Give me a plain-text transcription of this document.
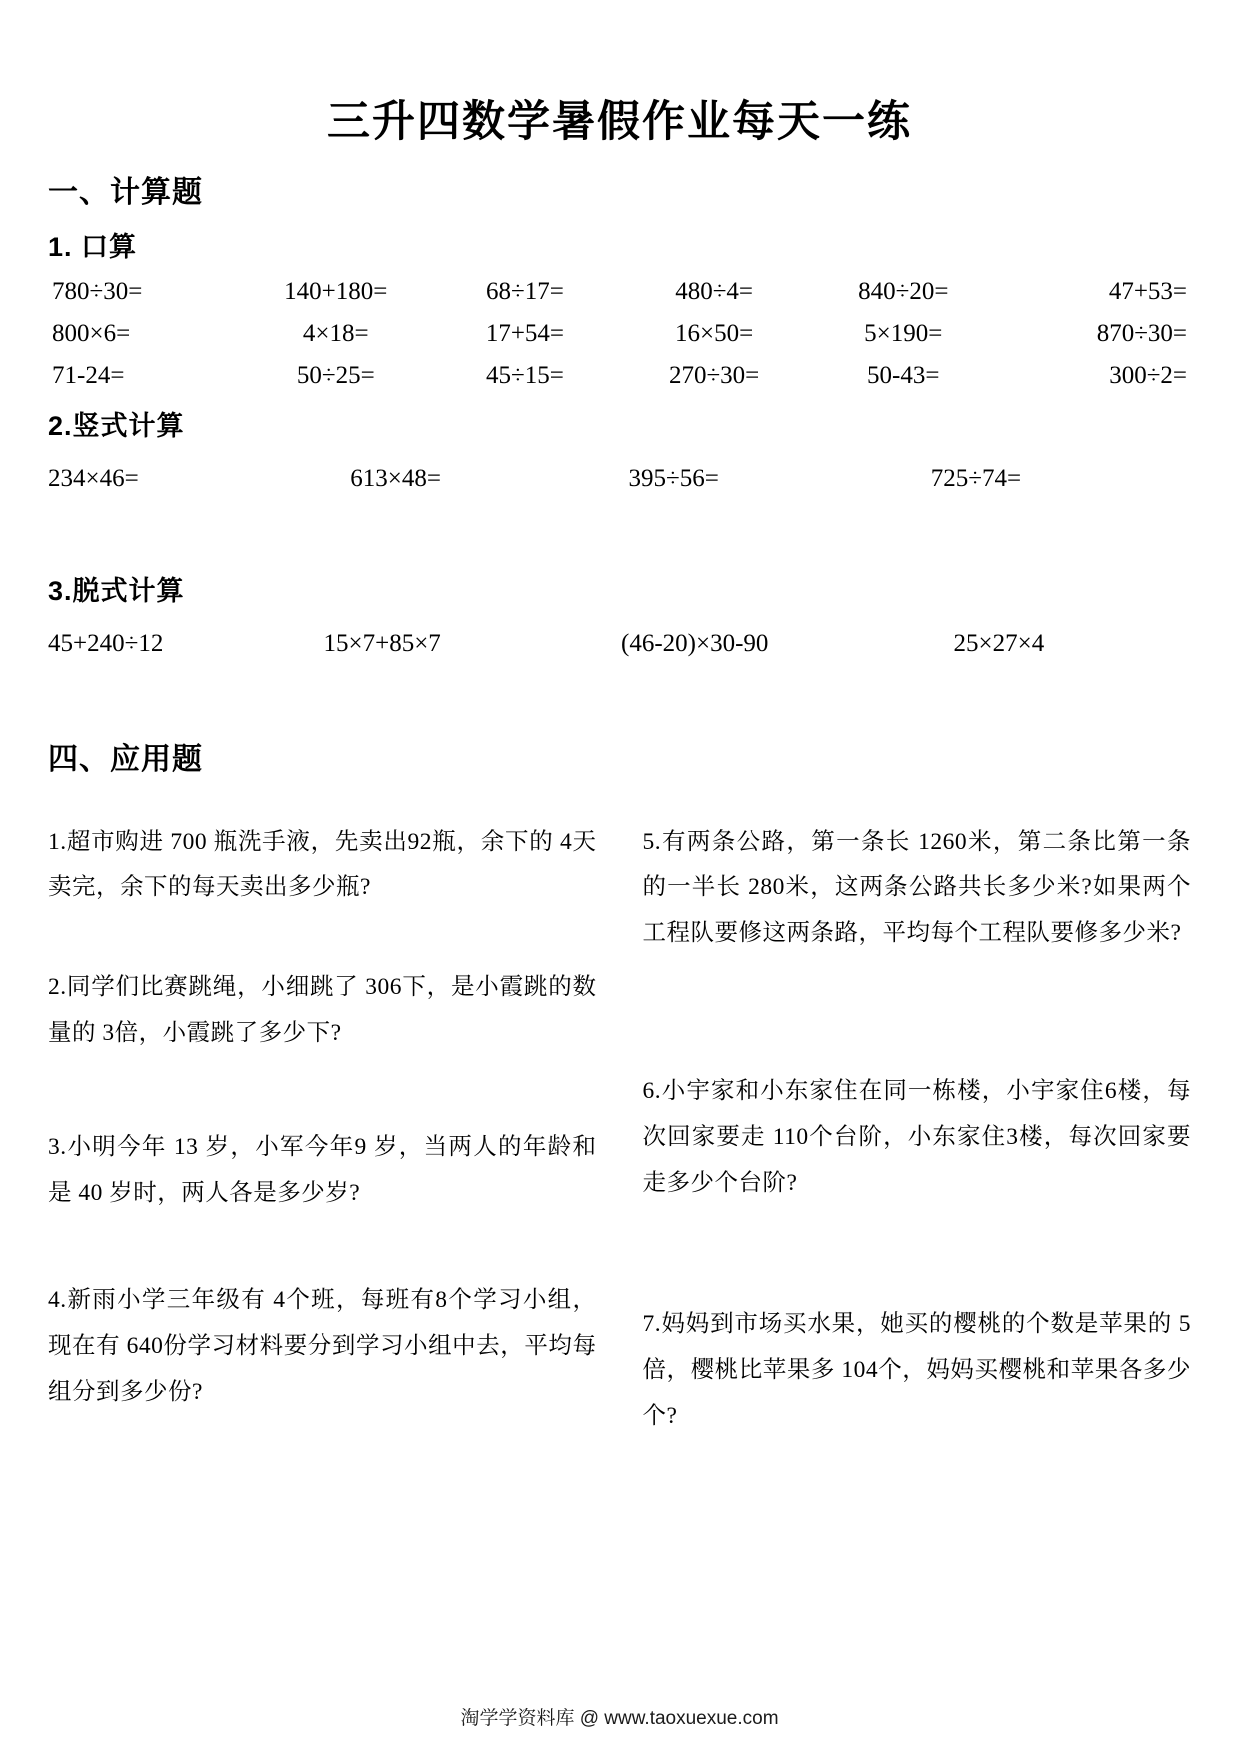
三升四数学暑假作业每天一练
一、计算题
1. 口算
780÷30=	140+180=	68÷17=	480÷4=	840÷20=	47+53=
800×6=	4×18=	17+54=	16×50=	5×190=	870÷30=
71-24=	50÷25=	45÷15=	270÷30=	50-43=	300÷2=
2.竖式计算
234×46=	613×48=	395÷56=	725÷74=
3.脱式计算
45+240÷12	15×7+85×7	(46-20)×30-90	25×27×4
四、应用题

1.超市购进 700 瓶洗手液，先卖出92瓶，余下的 4天卖完，余下的每天卖出多少瓶?

2.同学们比赛跳绳，小细跳了 306下，是小霞跳的数量的 3倍，小霞跳了多少下?

3.小明今年 13 岁，小军今年9 岁，当两人的年龄和是 40 岁时，两人各是多少岁?

4.新雨小学三年级有 4个班，每班有8个学习小组，现在有 640份学习材料要分到学习小组中去，平均每组分到多少份?

5.有两条公路，第一条长 1260米，第二条比第一条的一半长 280米，这两条公路共长多少米?如果两个工程队要修这两条路，平均每个工程队要修多少米?

6.小宇家和小东家住在同一栋楼，小宇家住6楼，每次回家要走 110个台阶，小东家住3楼，每次回家要走多少个台阶?

7.妈妈到市场买水果，她买的樱桃的个数是苹果的 5倍，樱桃比苹果多 104个，妈妈买樱桃和苹果各多少个?

淘学学资料库 @ www.taoxuexue.com
